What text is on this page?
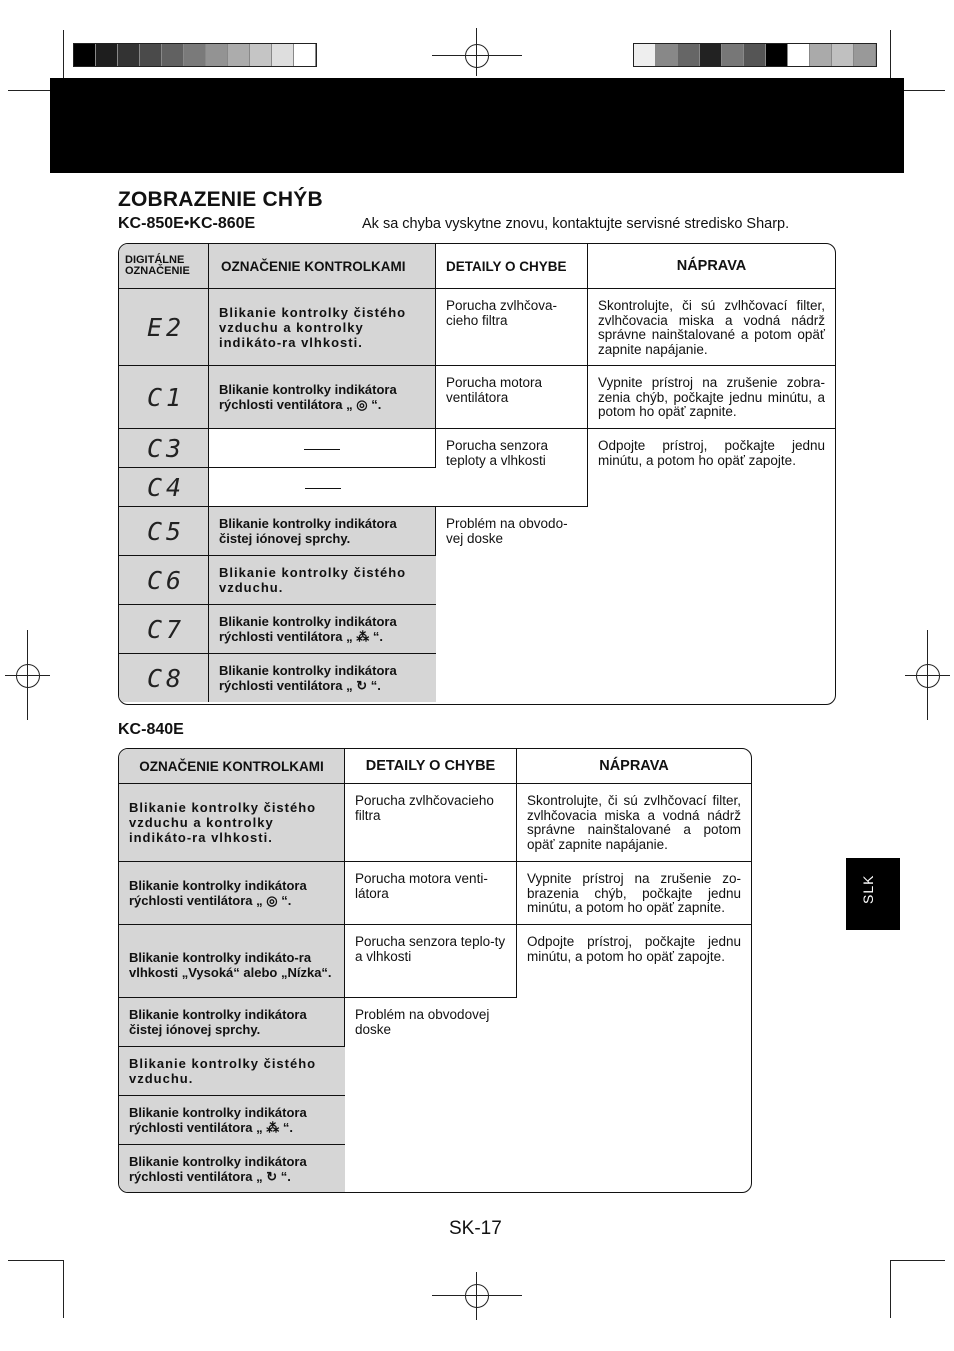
ZOBRAZENIE CHÝB
KC-850E•KC-860E	Ak sa chyba vyskytne znovu, kontaktujte servisné stredisko Sharp.
DIGITÁLNE
OZNAČENIE	OZNAČENIE KONTROLKAMI	DETAILY O CHYBE	NÁPRAVA
E2	Blikanie kontrolky čistého vzduchu a kontrolky indikáto-ra vlhkosti.	Porucha zvlhčova-cieho filtra	Skontrolujte, či sú zvlhčovací filter, zvlhčovacia miska a vodná nádrž správne nainštalované a potom opäť zapnite napájanie.
C1	Blikanie kontrolky indikátora rýchlosti ventilátora „ ◎ “.	Porucha motora ventilátora	Vypnite prístroj na zrušenie zobra-zenia chýb, počkajte jednu minútu, a potom ho opäť zapnite.
C3		Porucha senzora teploty a vlhkosti	Odpojte prístroj, počkajte jednu minútu, a potom ho opäť zapojte.
C4			
C5	Blikanie kontrolky indikátora čistej iónovej sprchy.	Problém na obvodo-vej doske	
C6	Blikanie kontrolky čistého vzduchu.		
C7	Blikanie kontrolky indikátora rýchlosti ventilátora „ ⁂ “.		
C8	Blikanie kontrolky indikátora rýchlosti ventilátora „ ↻ “.		
KC-840E
OZNAČENIE KONTROLKAMI	DETAILY O CHYBE	NÁPRAVA
Blikanie kontrolky čistého vzduchu a kontrolky indikáto-ra vlhkosti.	Porucha zvlhčovacieho filtra	Skontrolujte, či sú zvlhčovací filter, zvlhčovacia miska a vodná nádrž správne nainštalované a potom opäť zapnite napájanie.
Blikanie kontrolky indikátora rýchlosti ventilátora „ ◎ “.	Porucha motora venti-látora	Vypnite prístroj na zrušenie zo-brazenia chýb, počkajte jednu minútu, a potom ho opäť zapnite.
Blikanie kontrolky indikáto-ra vlhkosti „Vysoká“ alebo „Nízka“.	Porucha senzora teplo-ty a vlhkosti	Odpojte prístroj, počkajte jednu minútu, a potom ho opäť zapojte.
Blikanie kontrolky indikátora čistej iónovej sprchy.	Problém na obvodovej doske	
Blikanie kontrolky čistého vzduchu.		
Blikanie kontrolky indikátora rýchlosti ventilátora „ ⁂ “.		
Blikanie kontrolky indikátora rýchlosti ventilátora „ ↻ “.		
SLK
SK-17
